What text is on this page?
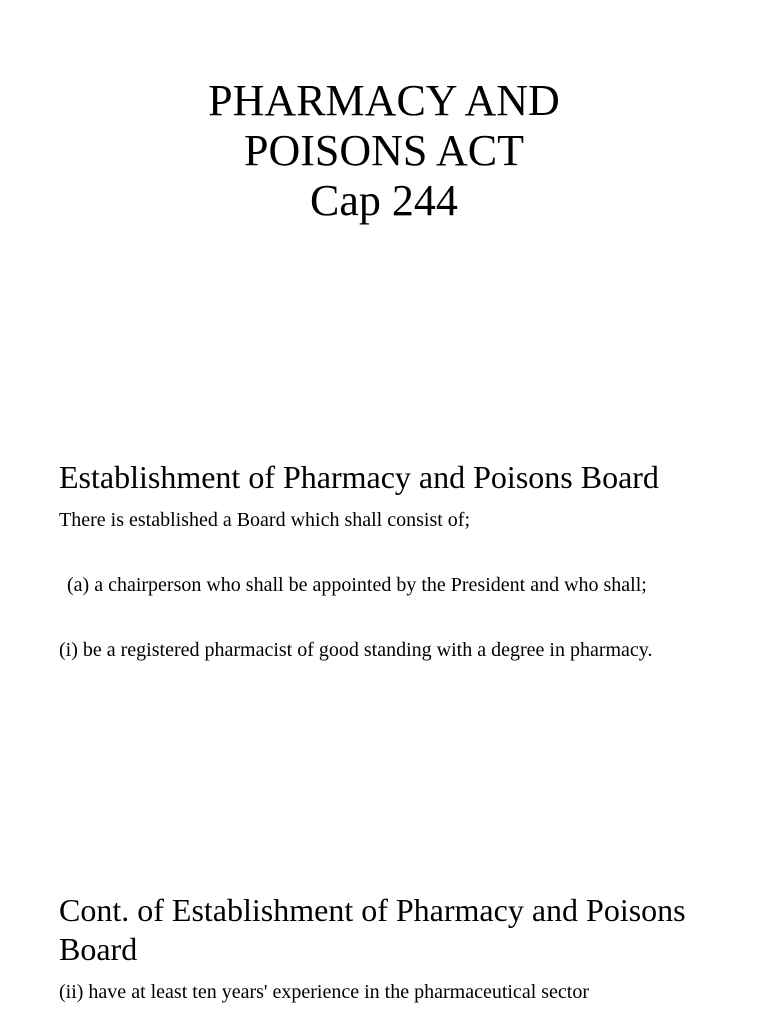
PHARMACY AND
POISONS ACT
Cap 244
Establishment of Pharmacy and Poisons Board

There is established a Board which shall consist of;

(a) a chairperson who shall be appointed by the President and who shall;

(i) be a registered pharmacist of good standing with a degree in pharmacy.

Cont. of Establishment of Pharmacy and Poisons Board

(ii) have at least ten years' experience in the pharmaceutical sector
